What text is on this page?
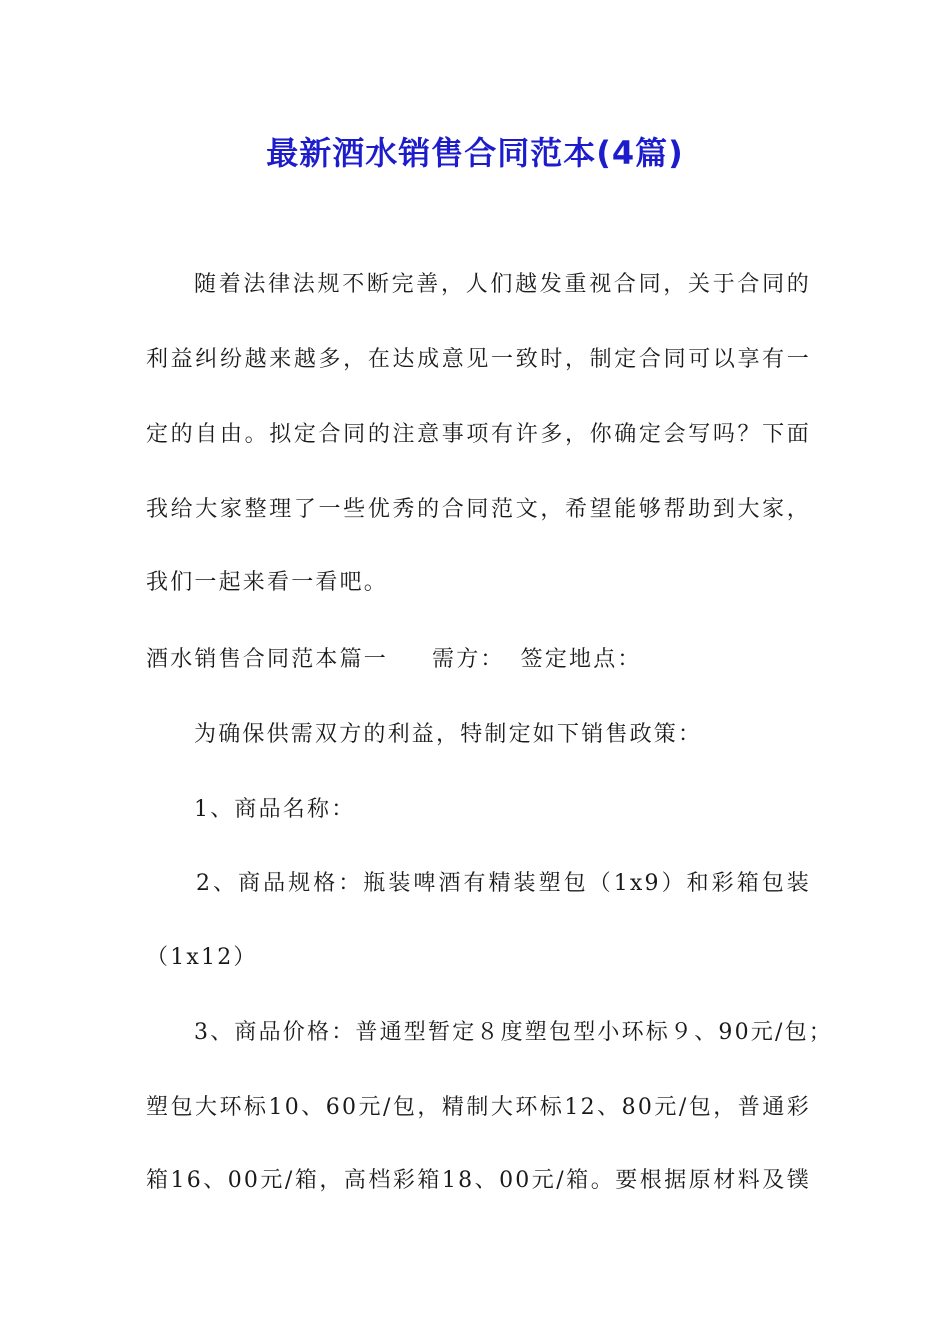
最新酒水销售合同范本(4篇)
随着法律法规不断完善，人们越发重视合同，关于合同的
利益纠纷越来越多，在达成意见一致时，制定合同可以享有一
定的自由。拟定合同的注意事项有许多，你确定会写吗？下面
我给大家整理了一些优秀的合同范文，希望能够帮助到大家，
我们一起来看一看吧。
酒水销售合同范本篇一 需方： 签定地点：
为确保供需双方的利益，特制定如下销售政策：
1、商品名称：
2、商品规格：瓶装啤酒有精装塑包（1x9）和彩箱包装
（1x12）
3、商品价格：普通型暂定８度塑包型小环标９、90元/包；
塑包大环标10、60元/包，精制大环标12、80元/包，普通彩
箱16、00元/箱，高档彩箱18、00元/箱。要根据原材料及镤
